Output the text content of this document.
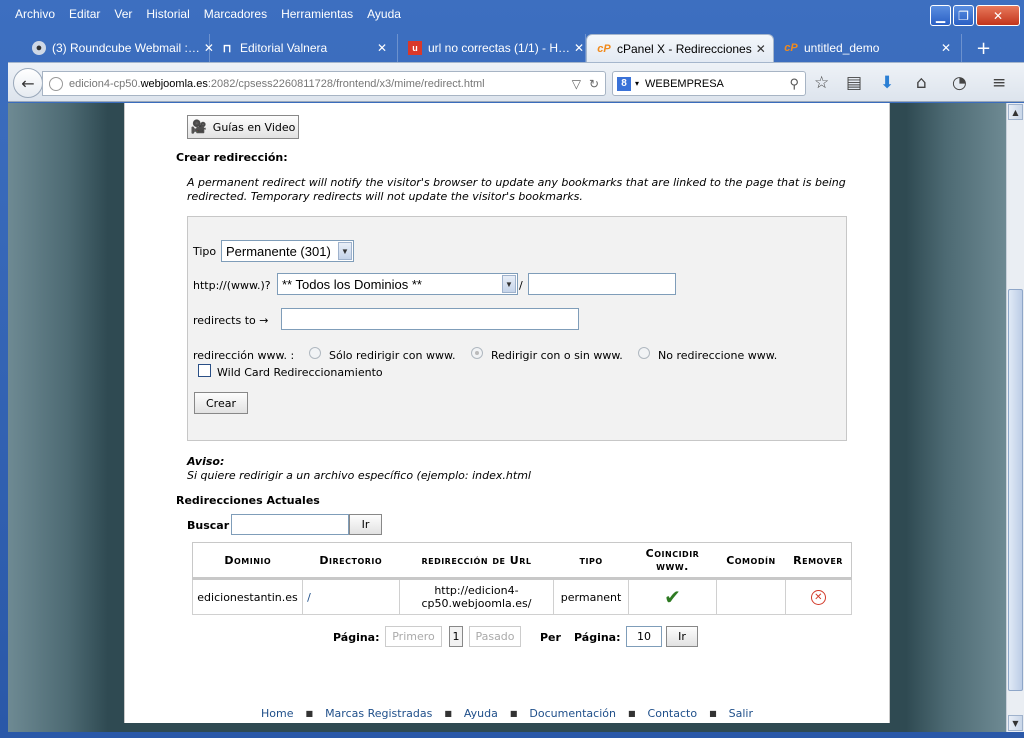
Archivo	Editar	Ver	Historial	Marcadores	Herramientas	Ayuda	▁	❐	✕
● (3) Roundcube Webmail :… ✕ ⊓ Editorial Valnera	✕	u url no correctas (1/1) - H… ✕ cP cPanel X - Redirecciones ✕ cP untitled_demo	✕ +
←	edicion4-cp50. webjoomla.es :2082/cpsess2260811728/frontend/x3/mime/redirect.html	▽ ↻	8	▾ WEBEMPRESA	⚲ ☆ ▤ ⬇ ⌂ ◔ ≡
🎥 Guías en Video
Crear redirección:
A permanent redirect will notify the visitor's browser to update any bookmarks that are linked to the page that is being redirected. Temporary redirects will not update the visitor's bookmarks.
Tipo Permanente (301)	▼
http://(www.)? ** Todos los Dominios **	▼ /
redirects to →
redirección www. :	Sólo redirigir con www.	Redirigir con o sin www.	No redireccione www.
Wild Card Redireccionamiento
Crear
Aviso:
Si quiere redirigir a un archivo específico (ejemplo: index.html
Redirecciones Actuales
Buscar	Ir
Dominio	Directorio	redirección de Url	tipo	Coincidir www.	Comodín	Remover
edicionestantin.es	/	http://edicion4-cp50.webjoomla.es/	permanent	✔		✕
Página:	Primero	1	Pasado	Per Página:	10	Ir
Home	■	Marcas Registradas	■	Ayuda	■	Documentación	■	Contacto	■	Salir
▲
▼
